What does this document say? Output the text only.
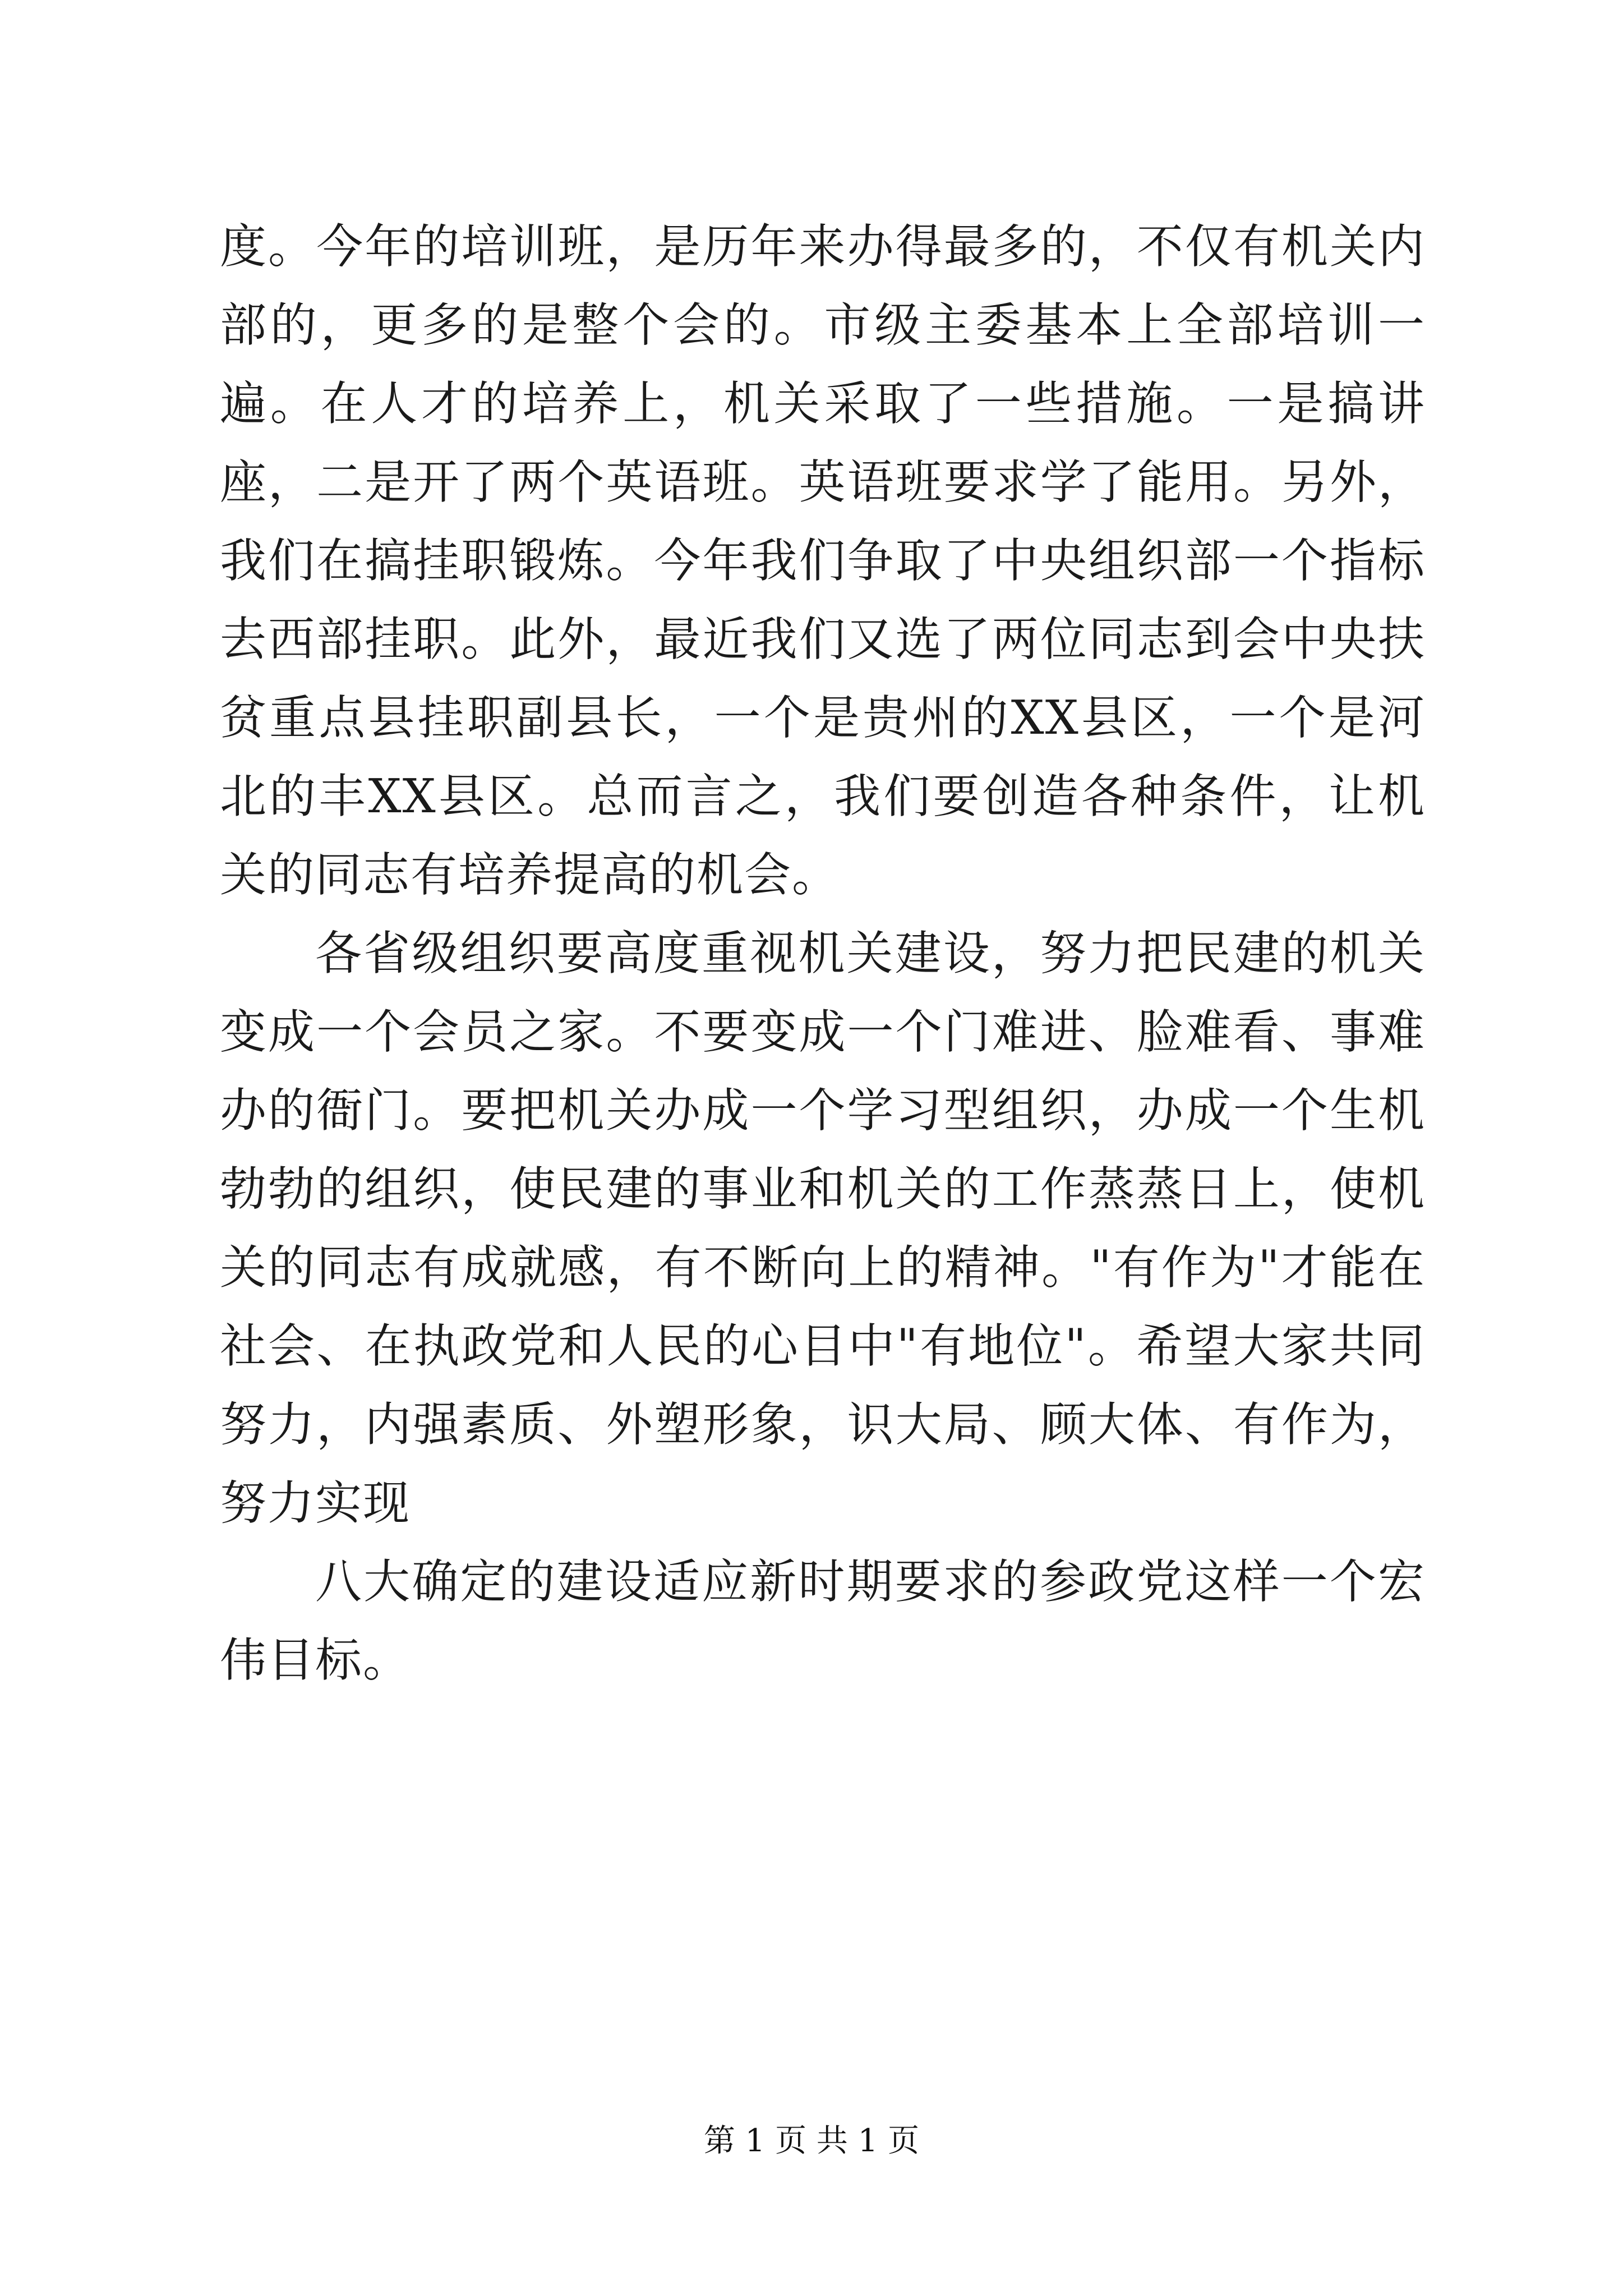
度。今年的培训班，是历年来办得最多的，不仅有机关内部的，更多的是整个会的。市级主委基本上全部培训一遍。在人才的培养上，机关采取了一些措施。一是搞讲座，二是开了两个英语班。英语班要求学了能用。另外，我们在搞挂职锻炼。今年我们争取了中央组织部一个指标去西部挂职。此外，最近我们又选了两位同志到会中央扶贫重点县挂职副县长，一个是贵州的XX县区，一个是河北的丰XX县区。总而言之，我们要创造各种条件，让机关的同志有培养提高的机会。

各省级组织要高度重视机关建设，努力把民建的机关变成一个会员之家。不要变成一个门难进、脸难看、事难办的衙门。要把机关办成一个学习型组织，办成一个生机勃勃的组织，使民建的事业和机关的工作蒸蒸日上，使机关的同志有成就感，有不断向上的精神。"有作为"才能在社会、在执政党和人民的心目中"有地位"。希望大家共同努力，内强素质、外塑形象，识大局、顾大体、有作为，努力实现

八大确定的建设适应新时期要求的参政党这样一个宏伟目标。

第 1 页 共 1 页
